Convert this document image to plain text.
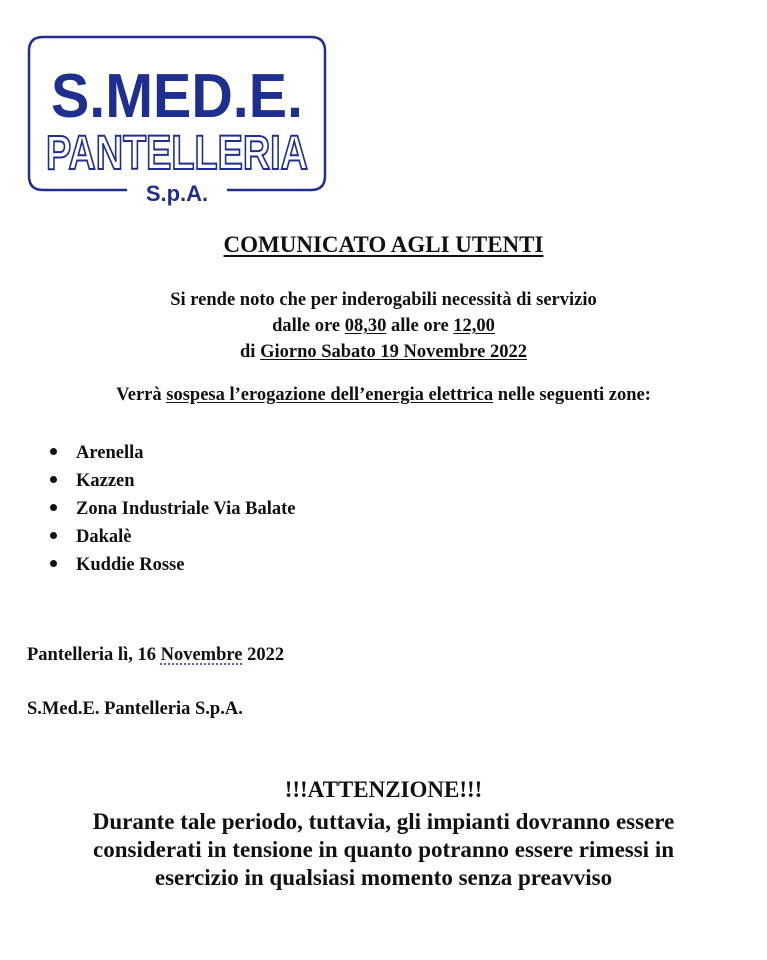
S.MED.E.
PANTELLERIA
S.p.A.
COMUNICATO AGLI UTENTI
Si rende noto che per inderogabili necessità di servizio
dalle ore 08,30 alle ore 12,00
di Giorno Sabato 19 Novembre 2022
Verrà sospesa l’erogazione dell’energia elettrica nelle seguenti zone:
Arenella
Kazzen
Zona Industriale Via Balate
Dakalè
Kuddie Rosse
Pantelleria lì, 16 Novembre 2022
S.Med.E. Pantelleria S.p.A.
!!!ATTENZIONE!!!
Durante tale periodo, tuttavia, gli impianti dovranno essere
considerati in tensione in quanto potranno essere rimessi in
esercizio in qualsiasi momento senza preavviso
